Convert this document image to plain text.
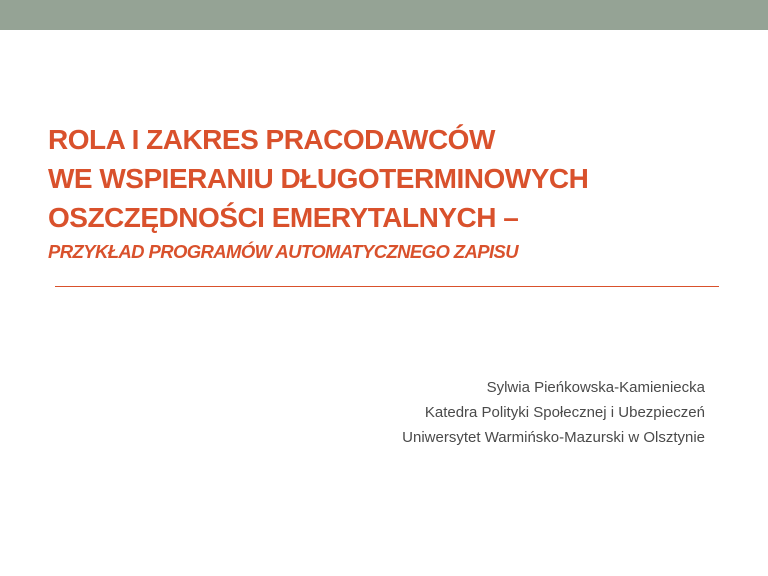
ROLA I ZAKRES PRACODAWCÓW
WE WSPIERANIU DŁUGOTERMINOWYCH
OSZCZĘDNOŚCI EMERYTALNYCH –
PRZYKŁAD PROGRAMÓW AUTOMATYCZNEGO ZAPISU
Sylwia Pieńkowska-Kamieniecka
Katedra Polityki Społecznej i Ubezpieczeń
Uniwersytet Warmińsko-Mazurski w Olsztynie
